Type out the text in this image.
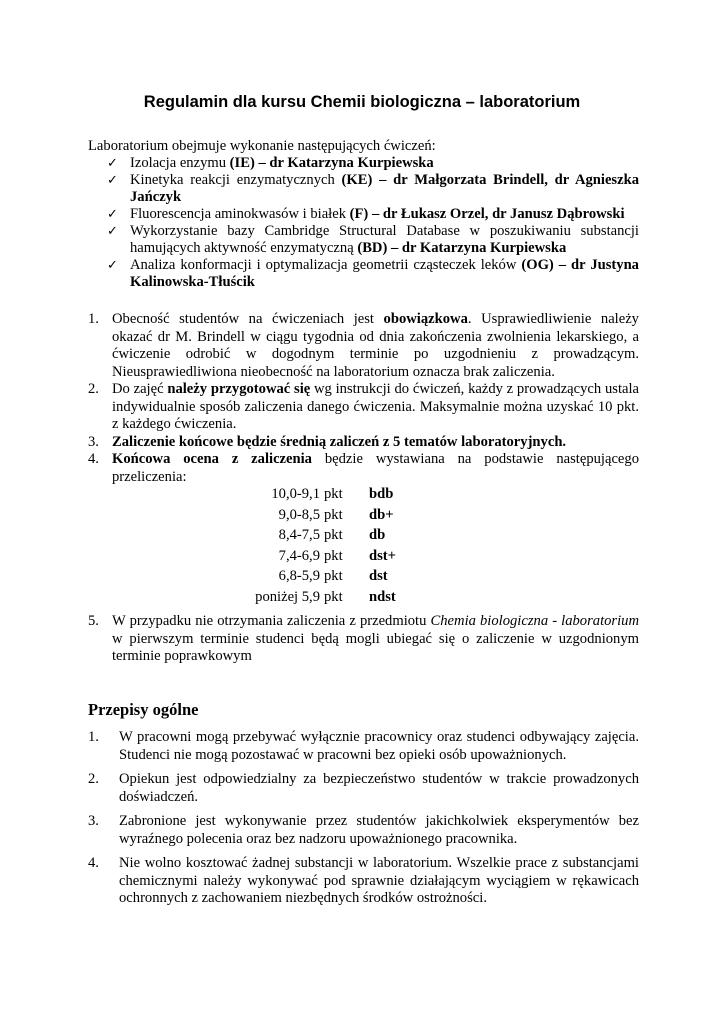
Regulamin dla kursu Chemii biologiczna – laboratorium
Laboratorium obejmuje wykonanie następujących ćwiczeń:
✓ Izolacja enzymu (IE) – dr Katarzyna Kurpiewska
✓ Kinetyka reakcji enzymatycznych (KE) – dr Małgorzata Brindell, dr Agnieszka Jańczyk
✓ Fluorescencja aminokwasów i białek (F) – dr Łukasz Orzel, dr Janusz Dąbrowski
✓ Wykorzystanie bazy Cambridge Structural Database w poszukiwaniu substancji hamujących aktywność enzymatyczną (BD) – dr Katarzyna Kurpiewska
✓ Analiza konformacji i optymalizacja geometrii cząsteczek leków (OG) – dr Justyna Kalinowska-Tłuścik
1. Obecność studentów na ćwiczeniach jest obowiązkowa. Usprawiedliwienie należy okazać dr M. Brindell w ciągu tygodnia od dnia zakończenia zwolnienia lekarskiego, a ćwiczenie odrobić w dogodnym terminie po uzgodnieniu z prowadzącym. Nieusprawiedliwiona nieobecność na laboratorium oznacza brak zaliczenia.
2. Do zajęć należy przygotować się wg instrukcji do ćwiczeń, każdy z prowadzących ustala indywidualnie sposób zaliczenia danego ćwiczenia. Maksymalnie można uzyskać 10 pkt. z każdego ćwiczenia.
3. Zaliczenie końcowe będzie średnią zaliczeń z 5 tematów laboratoryjnych.
4. Końcowa ocena z zaliczenia będzie wystawiana na podstawie następującego przeliczenia:
10,0-9,1 pkt bdb
9,0-8,5 pkt db+
8,4-7,5 pkt db
7,4-6,9 pkt dst+
6,8-5,9 pkt dst
poniżej 5,9 pkt ndst
5. W przypadku nie otrzymania zaliczenia z przedmiotu Chemia biologiczna - laboratorium w pierwszym terminie studenci będą mogli ubiegać się o zaliczenie w uzgodnionym terminie poprawkowym
Przepisy ogólne
1. W pracowni mogą przebywać wyłącznie pracownicy oraz studenci odbywający zajęcia. Studenci nie mogą pozostawać w pracowni bez opieki osób upoważnionych.
2. Opiekun jest odpowiedzialny za bezpieczeństwo studentów w trakcie prowadzonych doświadczeń.
3. Zabronione jest wykonywanie przez studentów jakichkolwiek eksperymentów bez wyraźnego polecenia oraz bez nadzoru upoważnionego pracownika.
4. Nie wolno kosztować żadnej substancji w laboratorium. Wszelkie prace z substancjami chemicznymi należy wykonywać pod sprawnie działającym wyciągiem w rękawicach ochronnych z zachowaniem niezbędnych środków ostrożności.
